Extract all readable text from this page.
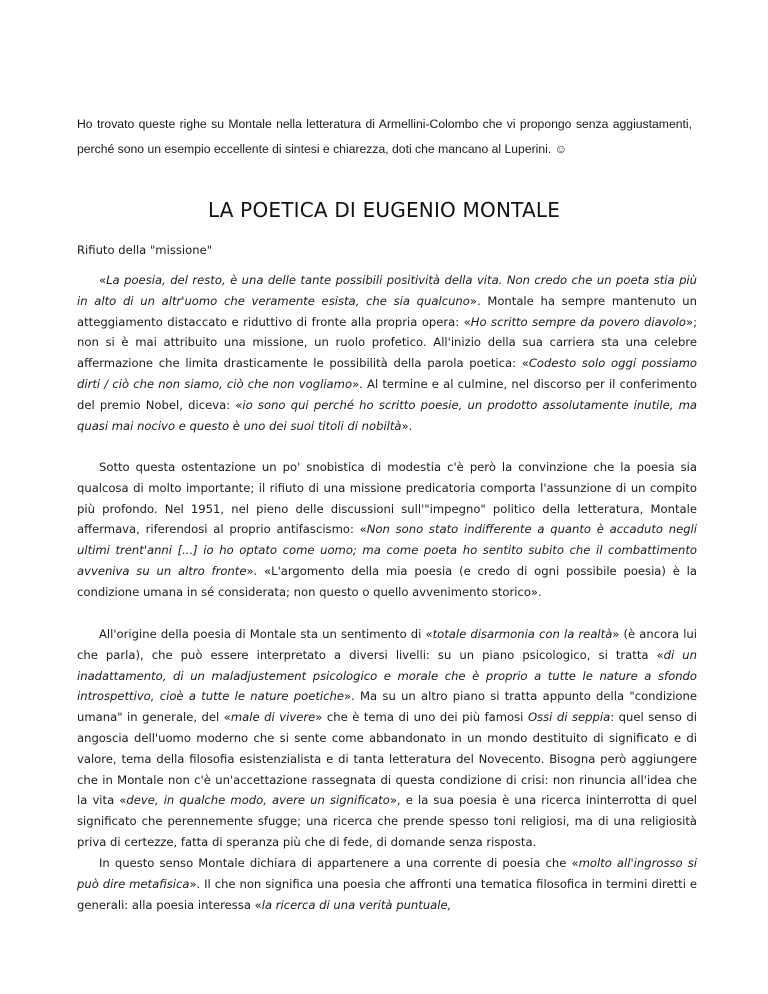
Ho trovato queste righe su Montale nella letteratura di Armellini-Colombo che vi propongo senza aggiustamenti, perché sono un esempio eccellente di sintesi e chiarezza, doti che mancano al Luperini. ☺
LA POETICA DI EUGENIO MONTALE
Rifiuto della "missione"

«La poesia, del resto, è una delle tante possibili positività della vita. Non credo che un poeta stia più in alto di un altr'uomo che veramente esista, che sia qualcuno». Montale ha sempre mantenuto un atteggiamento distaccato e riduttivo di fronte alla propria opera: «Ho scritto sempre da povero diavolo»; non si è mai attribuito una missione, un ruolo profetico. All'inizio della sua carriera sta una celebre affermazione che limita drasticamente le possibilità della parola poetica: «Codesto solo oggi possiamo dirti / ciò che non siamo, ciò che non vogliamo». Al termine e al culmine, nel discorso per il conferimento del premio Nobel, diceva: «io sono qui perché ho scritto poesie, un prodotto assolutamente inutile, ma quasi mai nocivo e questo è uno dei suoi titoli di nobiltà».

Sotto questa ostentazione un po' snobistica di modestia c'è però la convinzione che la poesia sia qualcosa di molto importante; il rifiuto di una missione predicatoria comporta l'assunzione di un compito più profondo. Nel 1951, nel pieno delle discussioni sull'"impegno" politico della letteratura, Montale affermava, riferendosi al proprio antifascismo: «Non sono stato indifferente a quanto è accaduto negli ultimi trent'anni [...] io ho optato come uomo; ma come poeta ho sentito subito che il combattimento avveniva su un altro fronte». «L'argomento della mia poesia (e credo di ogni possibile poesia) è la condizione umana in sé considerata; non questo o quello avvenimento storico».

All'origine della poesia di Montale sta un sentimento di «totale disarmonia con la realtà» (è ancora lui che parla), che può essere interpretato a diversi livelli: su un piano psicologico, si tratta «di un inadattamento, di un maladjustement psicologico e morale che è proprio a tutte le nature a sfondo introspettivo, cioè a tutte le nature poetiche». Ma su un altro piano si tratta appunto della "condizione umana" in generale, del «male di vivere» che è tema di uno dei più famosi Ossi di seppia: quel senso di angoscia dell'uomo moderno che si sente come abbandonato in un mondo destituito di significato e di valore, tema della filosofia esistenzialista e di tanta letteratura del Novecento. Bisogna però aggiungere che in Montale non c'è un'accettazione rassegnata di questa condizione di crisi: non rinuncia all'idea che la vita «deve, in qualche modo, avere un significato», e la sua poesia è una ricerca ininterrotta di quel significato che perennemente sfugge; una ricerca che prende spesso toni religiosi, ma di una religiosità priva di certezze, fatta di speranza più che di fede, di domande senza risposta.

In questo senso Montale dichiara di appartenere a una corrente di poesia che «molto all'ingrosso si può dire metafisica». Il che non significa una poesia che affronti una tematica filosofica in termini diretti e generali: alla poesia interessa «la ricerca di una verità puntuale,
